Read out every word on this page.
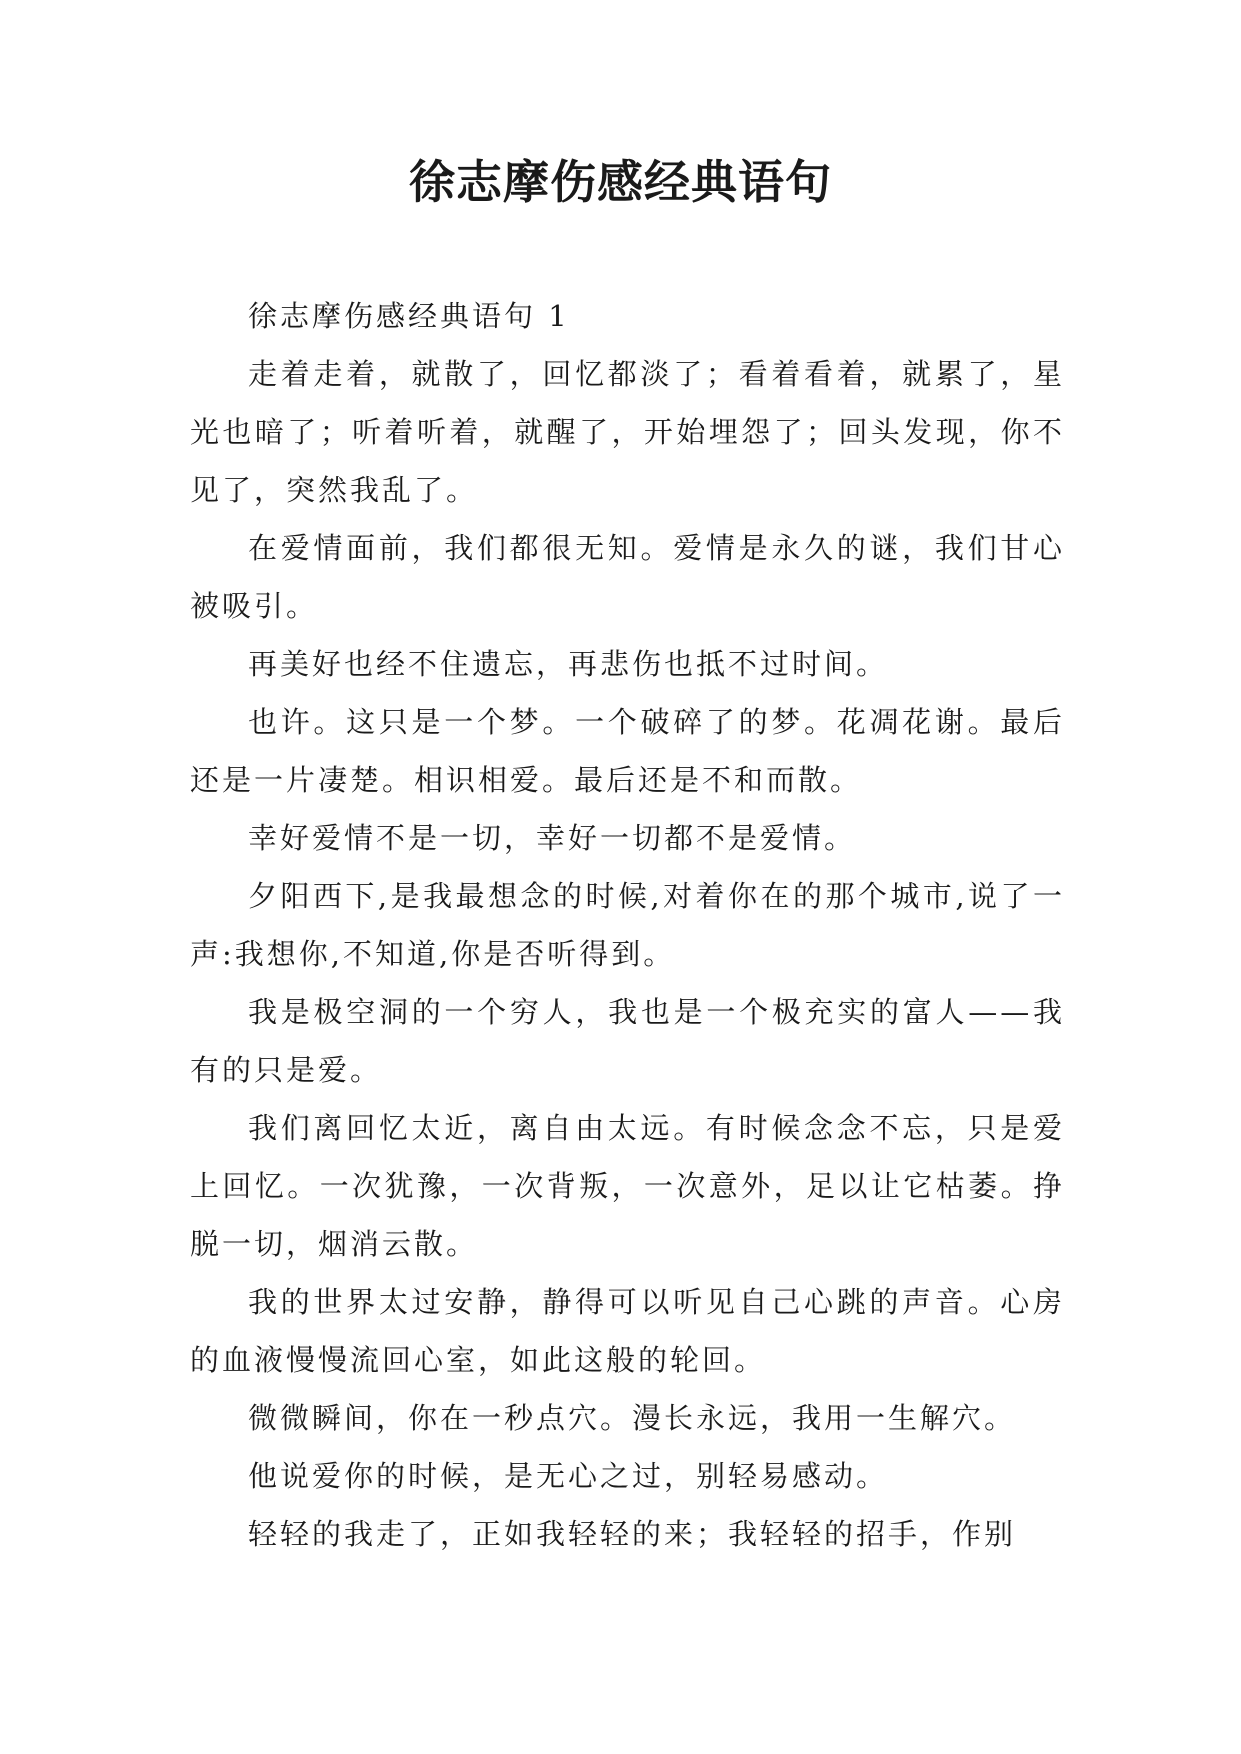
徐志摩伤感经典语句

徐志摩伤感经典语句 1

走着走着，就散了，回忆都淡了；看着看着，就累了，星光也暗了；听着听着，就醒了，开始埋怨了；回头发现，你不见了，突然我乱了。

在爱情面前，我们都很无知。爱情是永久的谜，我们甘心被吸引。

再美好也经不住遗忘，再悲伤也抵不过时间。

也许。这只是一个梦。一个破碎了的梦。花凋花谢。最后还是一片凄楚。相识相爱。最后还是不和而散。

幸好爱情不是一切，幸好一切都不是爱情。

夕阳西下,是我最想念的时候,对着你在的那个城市,说了一声:我想你,不知道,你是否听得到。

我是极空洞的一个穷人，我也是一个极充实的富人——我有的只是爱。

我们离回忆太近，离自由太远。有时候念念不忘，只是爱上回忆。一次犹豫，一次背叛，一次意外，足以让它枯萎。挣脱一切，烟消云散。

我的世界太过安静，静得可以听见自己心跳的声音。心房的血液慢慢流回心室，如此这般的轮回。

微微瞬间，你在一秒点穴。漫长永远，我用一生解穴。

他说爱你的时候，是无心之过，别轻易感动。

轻轻的我走了，正如我轻轻的来；我轻轻的招手，作别
